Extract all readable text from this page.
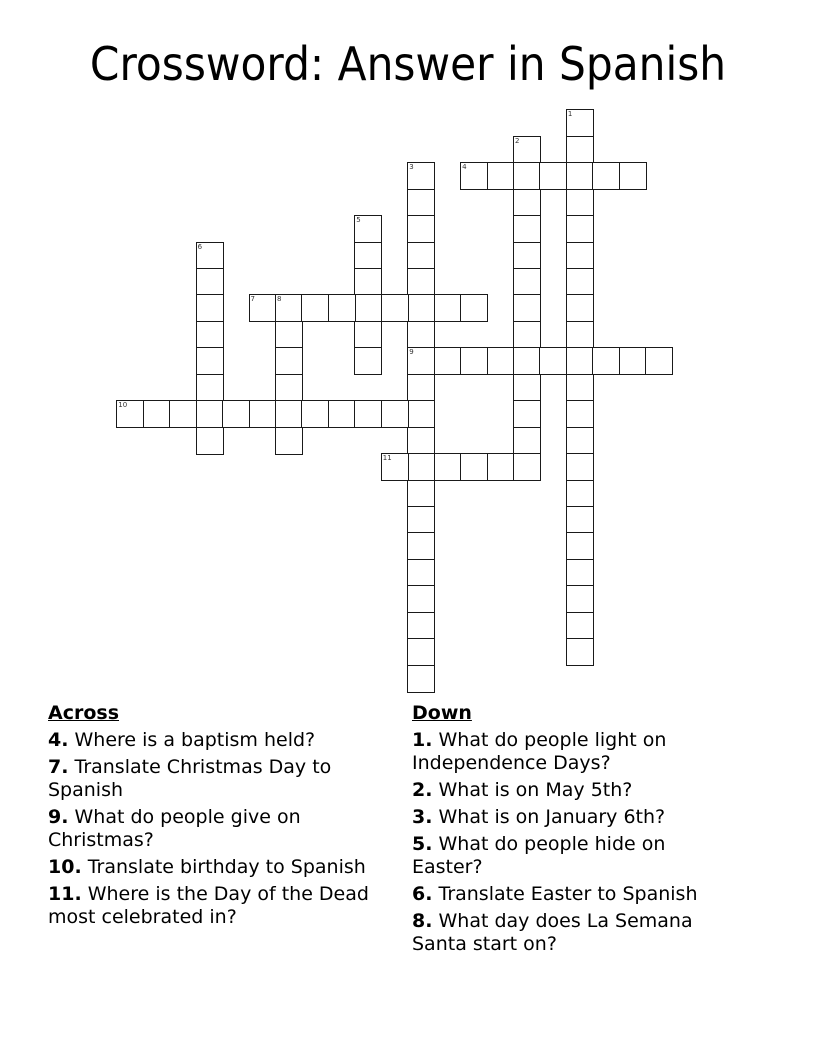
Crossword: Answer in Spanish
1
2
3
9
4
5
6
7	8
10
11
Across
4. Where is a baptism held?
7. Translate Christmas Day to Spanish
9. What do people give on Christmas?
10. Translate birthday to Spanish
11. Where is the Day of the Dead most celebrated in?
Down
1. What do people light on Independence Days?
2. What is on May 5th?
3. What is on January 6th?
5. What do people hide on Easter?
6. Translate Easter to Spanish
8. What day does La Semana Santa start on?
